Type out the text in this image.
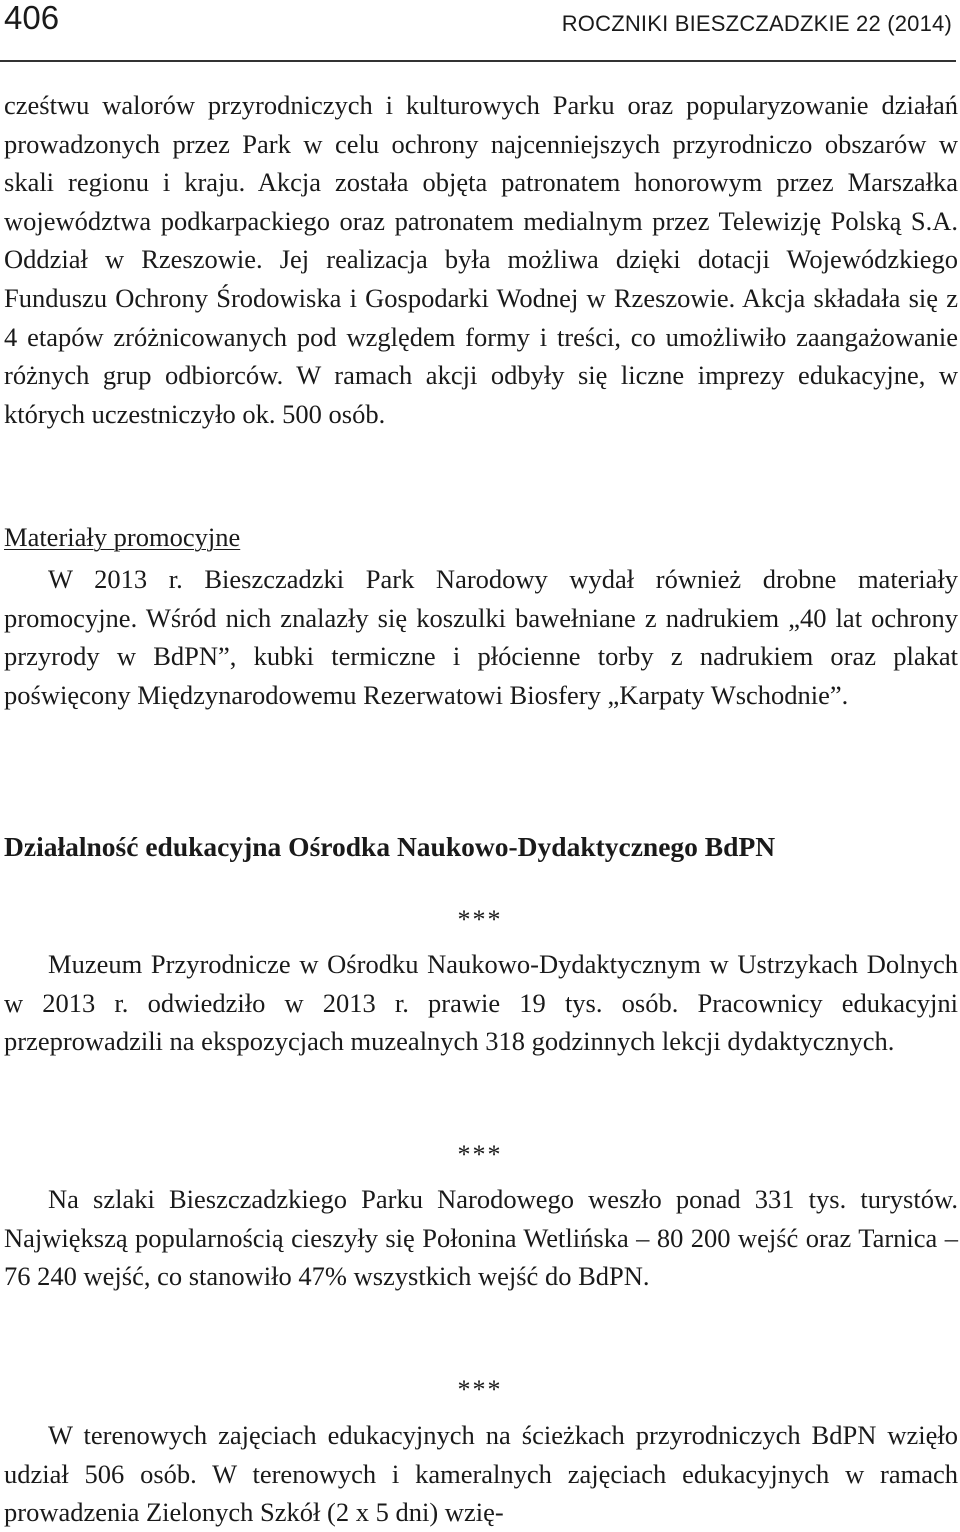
406	ROCZNIKI BIESZCZADZKIE 22 (2014)
cześtwu walorów przyrodniczych i kulturowych Parku oraz popularyzowanie działań prowadzonych przez Park w celu ochrony najcenniejszych przyrodniczo obszarów w skali regionu i kraju. Akcja została objęta patronatem honorowym przez Marszałka województwa podkarpackiego oraz patronatem medialnym przez Telewizję Polską S.A. Oddział w Rzeszowie. Jej realizacja była możliwa dzięki dotacji Wojewódzkiego Funduszu Ochrony Środowiska i Gospodarki Wodnej w Rzeszowie. Akcja składała się z 4 etapów zróżnicowanych pod względem formy i treści, co umożliwiło zaangażowanie różnych grup odbiorców. W ramach akcji odbyły się liczne imprezy edukacyjne, w których uczestniczyło ok. 500 osób.
Materiały promocyjne
W 2013 r. Bieszczadzki Park Narodowy wydał również drobne materiały promocyjne. Wśród nich znalazły się koszulki bawełniane z nadrukiem „40 lat ochrony przyrody w BdPN”, kubki termiczne i płócienne torby z nadrukiem oraz plakat poświęcony Międzynarodowemu Rezerwatowi Biosfery „Karpaty Wschodnie”.
Działalność edukacyjna Ośrodka Naukowo-Dydaktycznego BdPN
***
Muzeum Przyrodnicze w Ośrodku Naukowo-Dydaktycznym w Ustrzykach Dolnych w 2013 r. odwiedziło w 2013 r. prawie 19 tys. osób. Pracownicy edukacyjni przeprowadzili na ekspozycjach muzealnych 318 godzinnych lekcji dydaktycznych.
***
Na szlaki Bieszczadzkiego Parku Narodowego weszło ponad 331 tys. turystów. Największą popularnością cieszyły się Połonina Wetlińska – 80 200 wejść oraz Tarnica – 76 240 wejść, co stanowiło 47% wszystkich wejść do BdPN.
***
W terenowych zajęciach edukacyjnych na ścieżkach przyrodniczych BdPN wzięło udział 506 osób. W terenowych i kameralnych zajęciach edukacyjnych w ramach prowadzenia Zielonych Szkół (2 x 5 dni) wzię-
